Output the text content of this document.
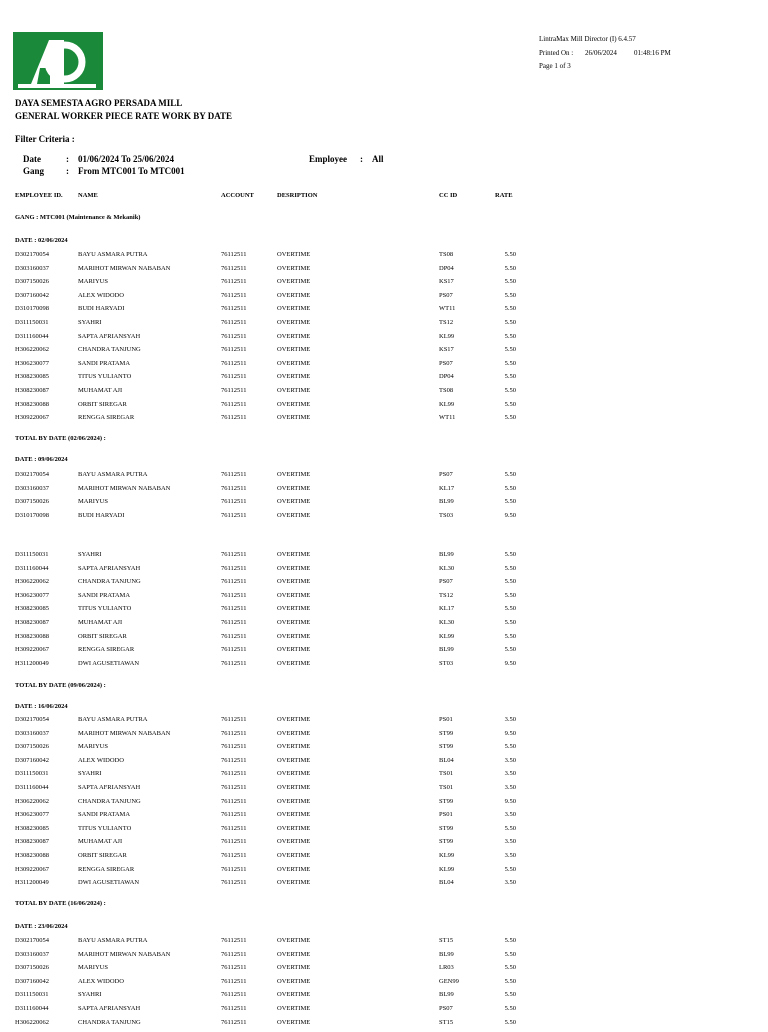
LintraMax Mill Director (I) 6.4.57
Printed On : 26/06/2024 01:48:16 PM
Page 1 of 3
DAYA SEMESTA AGRO PERSADA MILL
GENERAL WORKER PIECE RATE WORK BY DATE
Filter Criteria :
Date	: 01/06/2024 To 25/06/2024
Gang : From MTC001 To MTC001
Employee : All
EMPLOYEE ID. NAME	ACCOUNT	DESRIPTION	CC ID	RATE
GANG : MTC001 (Maintenance & Mekanik)
DATE : 02/06/2024
D302170054	BAYU ASMARA PUTRA	76112511	OVERTIME	TS08	5.50
D303160037	MARIHOT MIRWAN NABABAN	76112511	OVERTIME	DP04	5.50
D307150026	MARIYUS	76112511	OVERTIME	KS17	5.50
D307160042	ALEX WIDODO	76112511	OVERTIME	PS07	5.50
D310170098	BUDI HARYADI	76112511	OVERTIME	WT11	5.50
D311150031	SYAHRI	76112511	OVERTIME	TS12	5.50
D311160044	SAPTA AFRIANSYAH	76112511	OVERTIME	KL99	5.50
H306220062	CHANDRA TANJUNG	76112511	OVERTIME	KS17	5.50
H306230077	SANDI PRATAMA	76112511	OVERTIME	PS07	5.50
H308230085	TITUS YULIANTO	76112511	OVERTIME	DP04	5.50
H308230087	MUHAMAT AJI	76112511	OVERTIME	TS08	5.50
H308230088	ORBIT SIREGAR	76112511	OVERTIME	KL99	5.50
H309220067	RENGGA SIREGAR	76112511	OVERTIME	WT11	5.50
TOTAL BY DATE (02/06/2024) :
DATE : 09/06/2024
D302170054	BAYU ASMARA PUTRA	76112511	OVERTIME	PS07	5.50
D303160037	MARIHOT MIRWAN NABABAN	76112511	OVERTIME	KL17	5.50
D307150026	MARIYUS	76112511	OVERTIME	BL99	5.50
D310170098	BUDI HARYADI	76112511	OVERTIME	TS03	9.50
D311150031	SYAHRI	76112511	OVERTIME	BL99	5.50
D311160044	SAPTA AFRIANSYAH	76112511	OVERTIME	KL30	5.50
H306220062	CHANDRA TANJUNG	76112511	OVERTIME	PS07	5.50
H306230077	SANDI PRATAMA	76112511	OVERTIME	TS12	5.50
H308230085	TITUS YULIANTO	76112511	OVERTIME	KL17	5.50
H308230087	MUHAMAT AJI	76112511	OVERTIME	KL30	5.50
H308230088	ORBIT SIREGAR	76112511	OVERTIME	KL99	5.50
H309220067	RENGGA SIREGAR	76112511	OVERTIME	BL99	5.50
H311200049	DWI AGUSETIAWAN	76112511	OVERTIME	ST03	9.50
TOTAL BY DATE (09/06/2024) :
DATE : 16/06/2024
D302170054	BAYU ASMARA PUTRA	76112511	OVERTIME	PS01	3.50
D303160037	MARIHOT MIRWAN NABABAN	76112511	OVERTIME	ST99	9.50
D307150026	MARIYUS	76112511	OVERTIME	ST99	5.50
D307160042	ALEX WIDODO	76112511	OVERTIME	BL04	3.50
D311150031	SYAHRI	76112511	OVERTIME	TS01	3.50
D311160044	SAPTA AFRIANSYAH	76112511	OVERTIME	TS01	3.50
H306220062	CHANDRA TANJUNG	76112511	OVERTIME	ST99	9.50
H306230077	SANDI PRATAMA	76112511	OVERTIME	PS01	3.50
H308230085	TITUS YULIANTO	76112511	OVERTIME	ST99	5.50
H308230087	MUHAMAT AJI	76112511	OVERTIME	ST99	3.50
H308230088	ORBIT SIREGAR	76112511	OVERTIME	KL99	3.50
H309220067	RENGGA SIREGAR	76112511	OVERTIME	KL99	5.50
H311200049	DWI AGUSETIAWAN	76112511	OVERTIME	BL04	3.50
TOTAL BY DATE (16/06/2024) :
DATE : 23/06/2024
D302170054	BAYU ASMARA PUTRA	76112511	OVERTIME	ST15	5.50
D303160037	MARIHOT MIRWAN NABABAN	76112511	OVERTIME	BL99	5.50
D307150026	MARIYUS	76112511	OVERTIME	LR03	5.50
D307160042	ALEX WIDODO	76112511	OVERTIME	GEN99	5.50
D311150031	SYAHRI	76112511	OVERTIME	BL99	5.50
D311160044	SAPTA AFRIANSYAH	76112511	OVERTIME	PS07	5.50
H306220062	CHANDRA TANJUNG	76112511	OVERTIME	ST15	5.50
